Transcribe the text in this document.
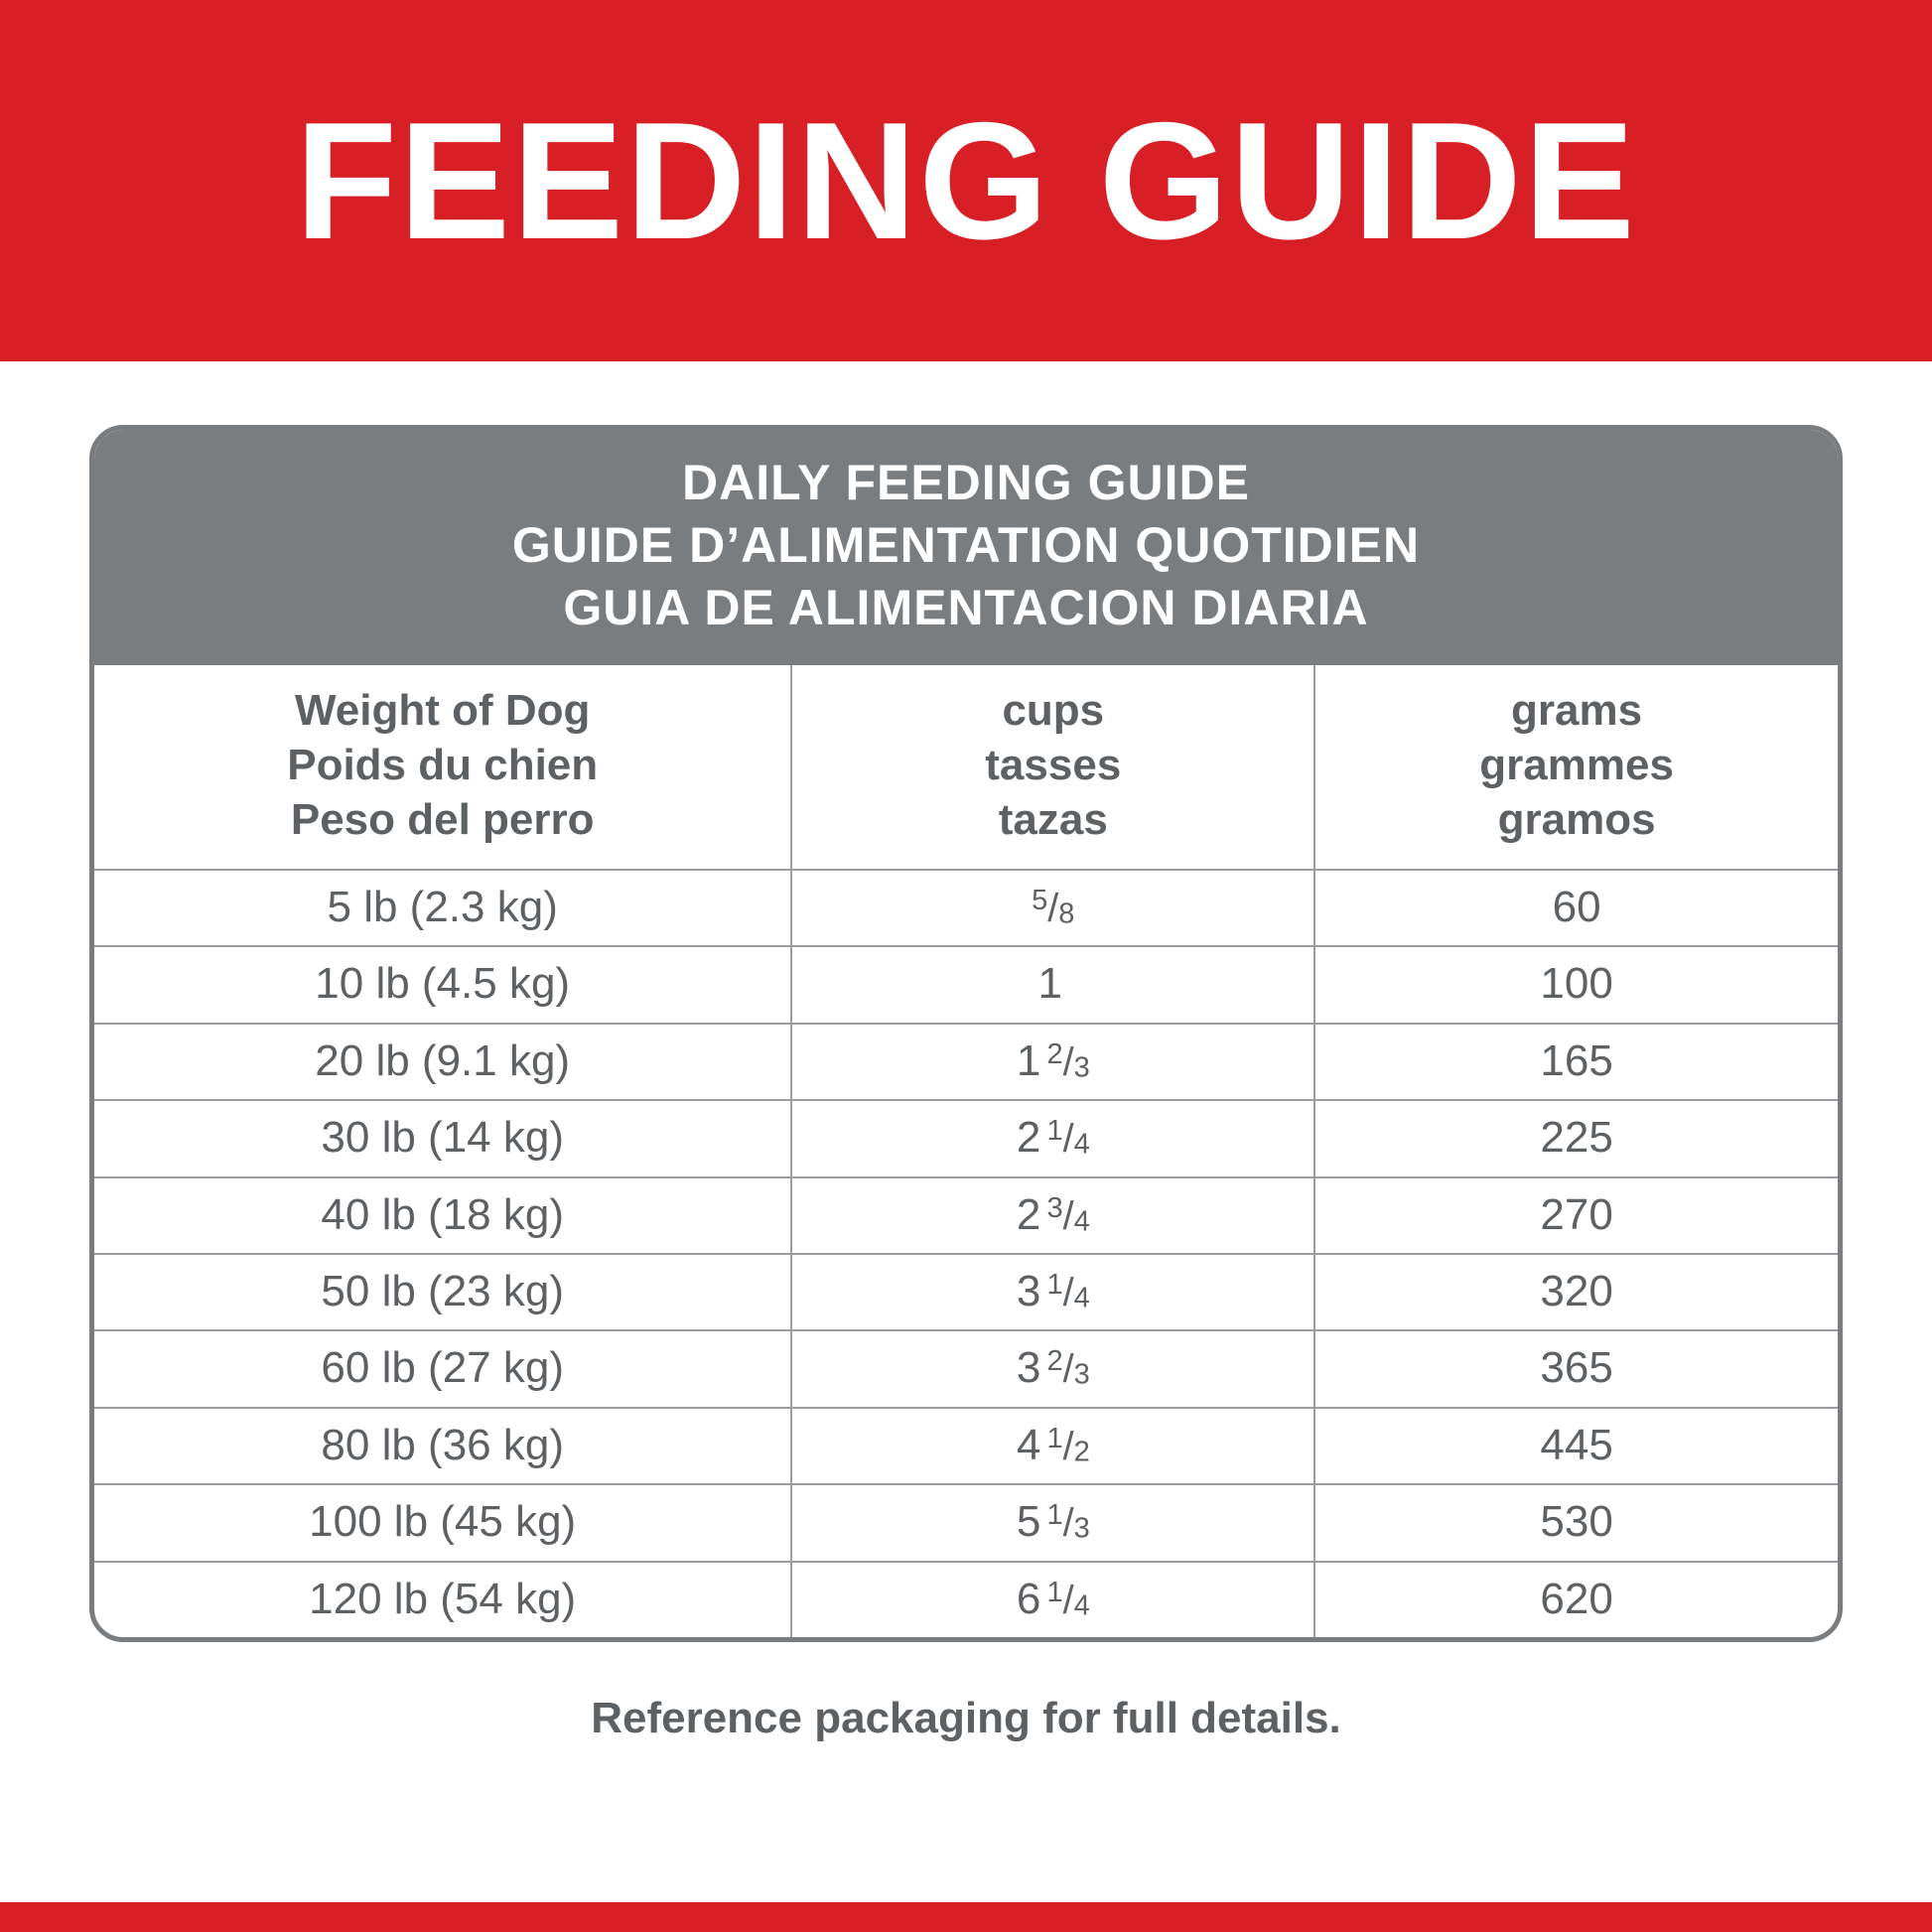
FEEDING GUIDE
DAILY FEEDING GUIDE
GUIDE D’ALIMENTATION QUOTIDIEN
GUIA DE ALIMENTACION DIARIA
Weight of Dog
Poids du chien
Peso del perro

cups
tasses
tazas

grams
grammes
gramos

5 lb (2.3 kg)	$^5/_8$	60
10 lb (4.5 kg)	1	100
20 lb (9.1 kg)	1 $^2/_3$	165
30 lb (14 kg)	2 $^1/_4$	225
40 lb (18 kg)	2 $^3/_4$	270
50 lb (23 kg)	3 $^1/_4$	320
60 lb (27 kg)	3 $^2/_3$	365
80 lb (36 kg)	4 $^1/_2$	445
100 lb (45 kg)	5 $^1/_3$	530
120 lb (54 kg)	6 $^1/_4$	620
Reference packaging for full details.
